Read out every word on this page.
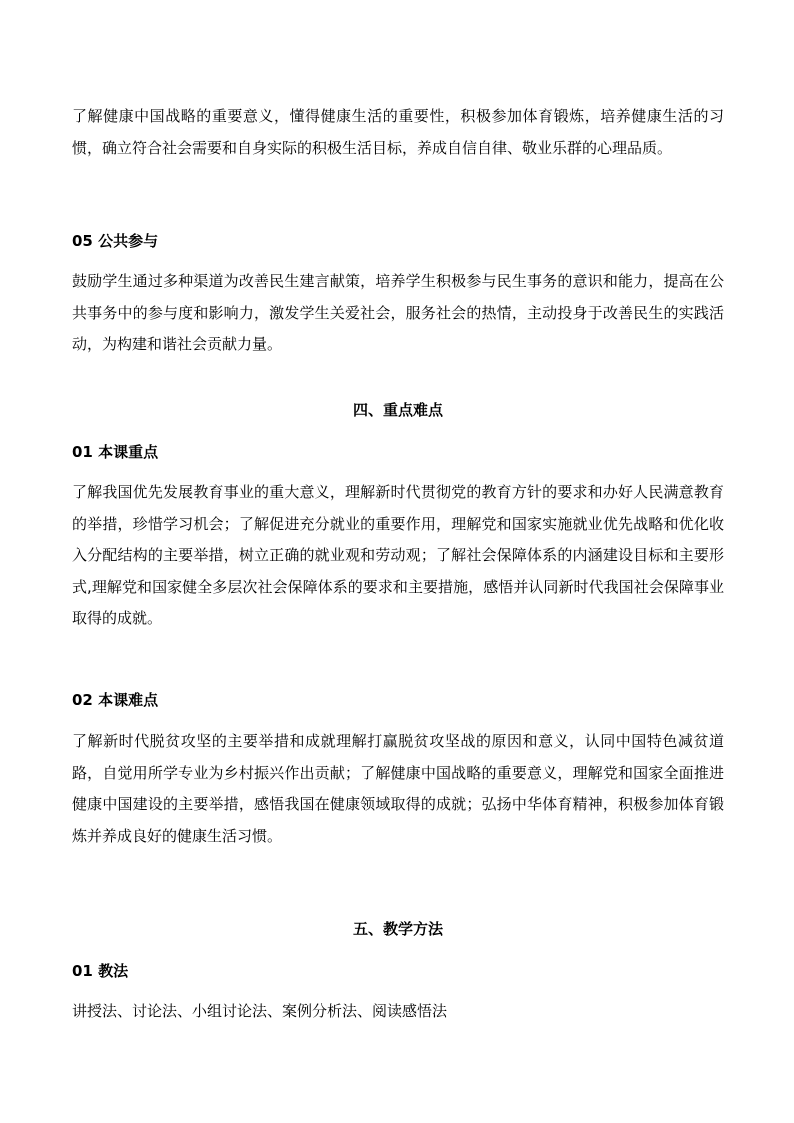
了解健康中国战略的重要意义，懂得健康生活的重要性，积极参加体育锻炼，培养健康生活的习惯，确立符合社会需要和自身实际的积极生活目标，养成自信自律、敬业乐群的心理品质。

05 公共参与

鼓励学生通过多种渠道为改善民生建言献策，培养学生积极参与民生事务的意识和能力，提高在公共事务中的参与度和影响力，激发学生关爱社会，服务社会的热情，主动投身于改善民生的实践活动，为构建和谐社会贡献力量。

四、重点难点
01 本课重点

了解我国优先发展教育事业的重大意义，理解新时代贯彻党的教育方针的要求和办好人民满意教育的举措，珍惜学习机会；了解促进充分就业的重要作用，理解党和国家实施就业优先战略和优化收入分配结构的主要举措，树立正确的就业观和劳动观；了解社会保障体系的内涵建设目标和主要形式,理解党和国家健全多层次社会保障体系的要求和主要措施，感悟并认同新时代我国社会保障事业取得的成就。

02 本课难点

了解新时代脱贫攻坚的主要举措和成就理解打赢脱贫攻坚战的原因和意义，认同中国特色减贫道路，自觉用所学专业为乡村振兴作出贡献；了解健康中国战略的重要意义，理解党和国家全面推进健康中国建设的主要举措，感悟我国在健康领域取得的成就；弘扬中华体育精神，积极参加体育锻炼并养成良好的健康生活习惯。

五、教学方法
01 教法

讲授法、讨论法、小组讨论法、案例分析法、阅读感悟法
